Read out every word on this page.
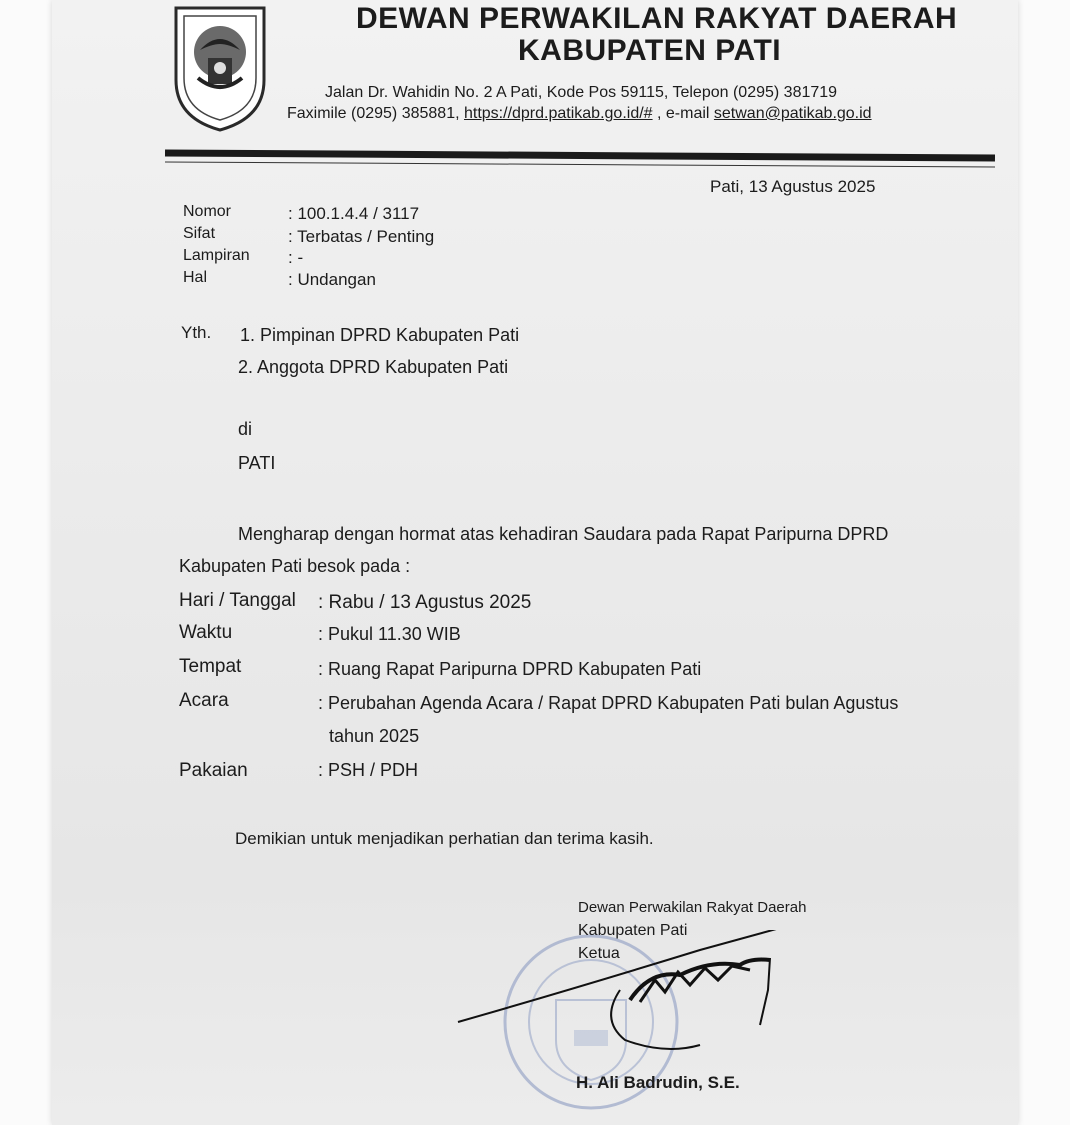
DEWAN PERWAKILAN RAKYAT DAERAH
KABUPATEN PATI
Jalan Dr. Wahidin No. 2 A Pati, Kode Pos 59115, Telepon (0295) 381719
Faximile (0295) 385881, https://dprd.patikab.go.id/# , e-mail setwan@patikab.go.id
Pati, 13 Agustus 2025
Nomor	: 100.1.4.4 / 3117
Sifat	: Terbatas / Penting
Lampiran : -
Hal	: Undangan
Yth. 1. Pimpinan DPRD Kabupaten Pati
2. Anggota DPRD Kabupaten Pati
di
PATI
Mengharap dengan hormat atas kehadiran Saudara pada Rapat Paripurna DPRD
Kabupaten Pati besok pada :
Hari / Tanggal : Rabu / 13 Agustus 2025
Waktu	: Pukul 11.30 WIB
Tempat	: Ruang Rapat Paripurna DPRD Kabupaten Pati
Acara	: Perubahan Agenda Acara / Rapat DPRD Kabupaten Pati bulan Agustus
tahun 2025
Pakaian	: PSH / PDH
Demikian untuk menjadikan perhatian dan terima kasih.
Dewan Perwakilan Rakyat Daerah
Kabupaten Pati
Ketua
H. Ali Badrudin, S.E.
